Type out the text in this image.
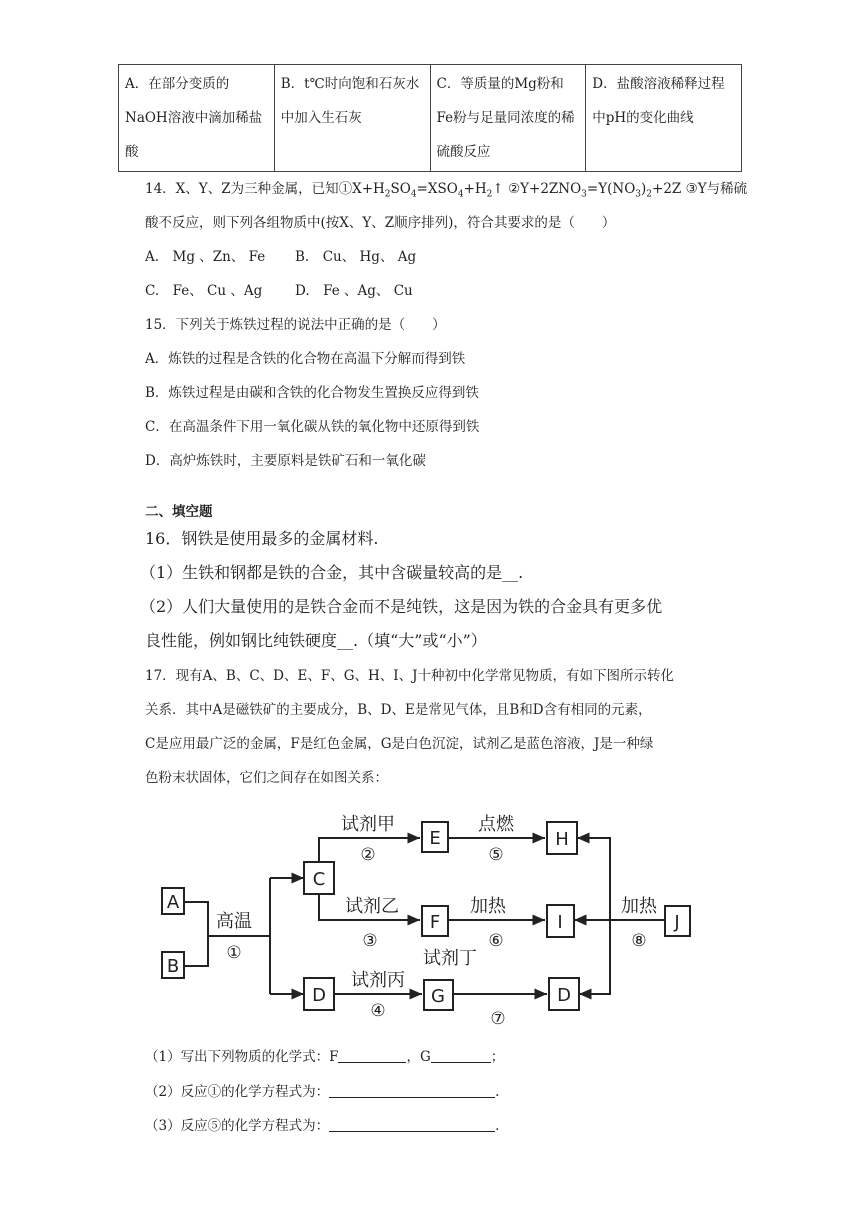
A．在部分变质的NaOH溶液中滴加稀盐酸	B．t℃时向饱和石灰水中加入生石灰	C．等质量的Mg粉和Fe粉与足量同浓度的稀硫酸反应	D．盐酸溶液稀释过程中pH的变化曲线
14．X、Y、Z为三种金属，已知$①X+H_2SO_4=XSO_4+H_2↑$ $②Y+2ZNO_3=Y(NO_3)_2+2Z$ ③Y与稀硫
酸不反应，则下列各组物质中(按X、Y、Z顺序排列)，符合其要求的是（　　）
A.　Mg 、Zn、 Fe B.　Cu、 Hg、 Ag
C.　Fe、 Cu 、Ag D.　Fe 、Ag、 Cu
15．下列关于炼铁过程的说法中正确的是（　　）
A．炼铁的过程是含铁的化合物在高温下分解而得到铁
B．炼铁过程是由碳和含铁的化合物发生置换反应得到铁
C．在高温条件下用一氧化碳从铁的氧化物中还原得到铁
D．高炉炼铁时，主要原料是铁矿石和一氧化碳
二、填空题
16．钢铁是使用最多的金属材料.
（1）生铁和钢都是铁的合金，其中含碳量较高的是__.
（2）人们大量使用的是铁合金而不是纯铁，这是因为铁的合金具有更多优
良性能，例如钢比纯铁硬度__.（填“大”或“小”）
17．现有A、B、C、D、E、F、G、H、I、J十种初中化学常见物质，有如下图所示转化
关系．其中A是磁铁矿的主要成分，B、D、E是常见气体，且B和D含有相同的元素，
C是应用最广泛的金属，F是红色金属，G是白色沉淀，试剂乙是蓝色溶液，J是一种绿
色粉末状固体，它们之间存在如图关系：
A
B
C
D
E
F
G
H
I
D
J
高温
①
试剂甲
②
点燃
⑤
试剂乙
③
加热
⑥
试剂丁
试剂丙
④	⑦
加热
⑧
（1）写出下列物质的化学式：F	，G	；
（2）反应①的化学方程式为：	.
（3）反应⑤的化学方程式为：	.
